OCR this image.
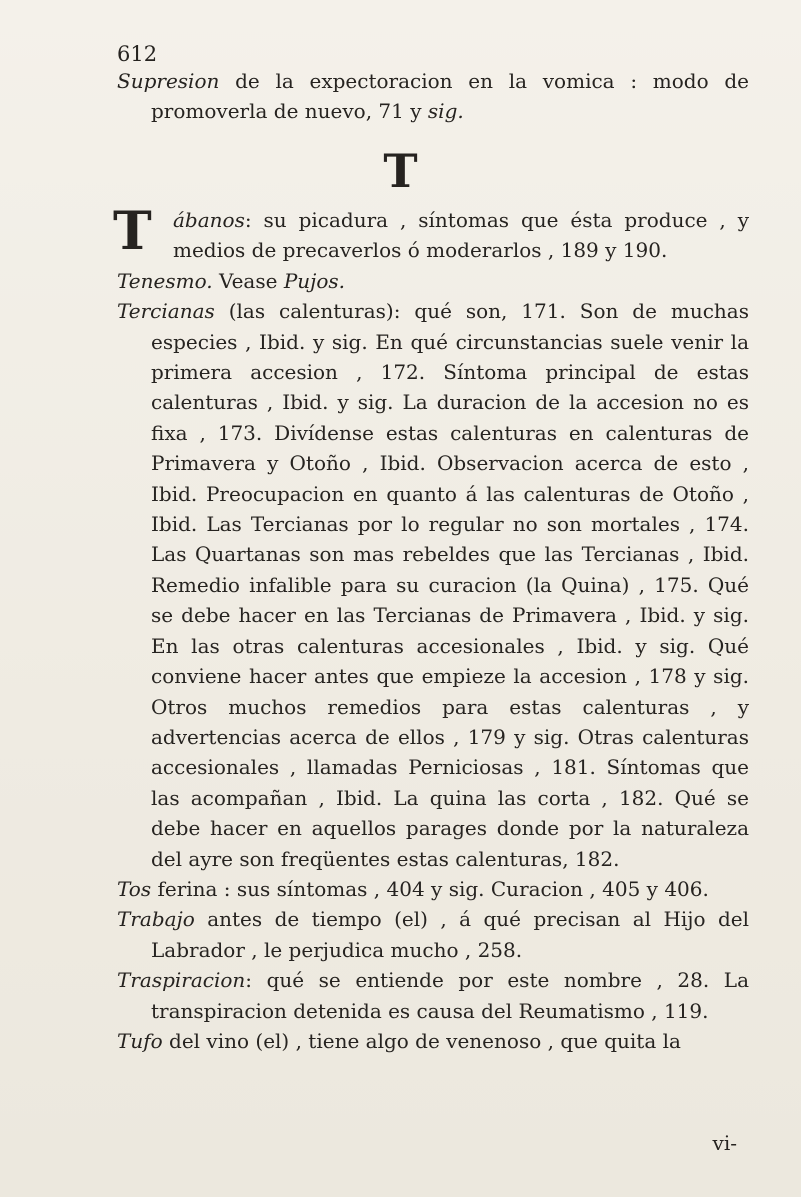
612

Supresion de la expectoracion en la vomica : modo de promoverla de nuevo, 71 y sig.

T
T	ábanos: su picadura , síntomas que ésta produce , y medios de precaverlos ó moderarlos , 189 y 190.

Tenesmo. Vease Pujos.

Tercianas (las calenturas): qué son, 171. Son de muchas especies , Ibid. y sig. En qué circunstancias suele venir la primera accesion , 172. Síntoma principal de estas calenturas , Ibid. y sig. La duracion de la accesion no es fixa , 173. Divídense estas calenturas en calenturas de Primavera y Otoño , Ibid. Observacion acerca de esto , Ibid. Preocupacion en quanto á las calenturas de Otoño , Ibid. Las Tercianas por lo regular no son mortales , 174. Las Quartanas son mas rebeldes que las Tercianas , Ibid. Remedio infalible para su curacion (la Quina) , 175. Qué se debe hacer en las Tercianas de Primavera , Ibid. y sig. En las otras calenturas accesionales , Ibid. y sig. Qué conviene hacer antes que empieze la accesion , 178 y sig. Otros muchos remedios para estas calenturas , y advertencias acerca de ellos , 179 y sig. Otras calenturas accesionales , llamadas Perniciosas , 181. Síntomas que las acompañan , Ibid. La quina las corta , 182. Qué se debe hacer en aquellos parages donde por la naturaleza del ayre son freqüentes estas calenturas, 182.

Tos ferina : sus síntomas , 404 y sig. Curacion , 405 y 406.

Trabajo antes de tiempo (el) , á qué precisan al Hijo del Labrador , le perjudica mucho , 258.

Traspiracion: qué se entiende por este nombre , 28. La transpiracion detenida es causa del Reumatismo , 119.

Tufo del vino (el) , tiene algo de venenoso , que quita la

vi-
